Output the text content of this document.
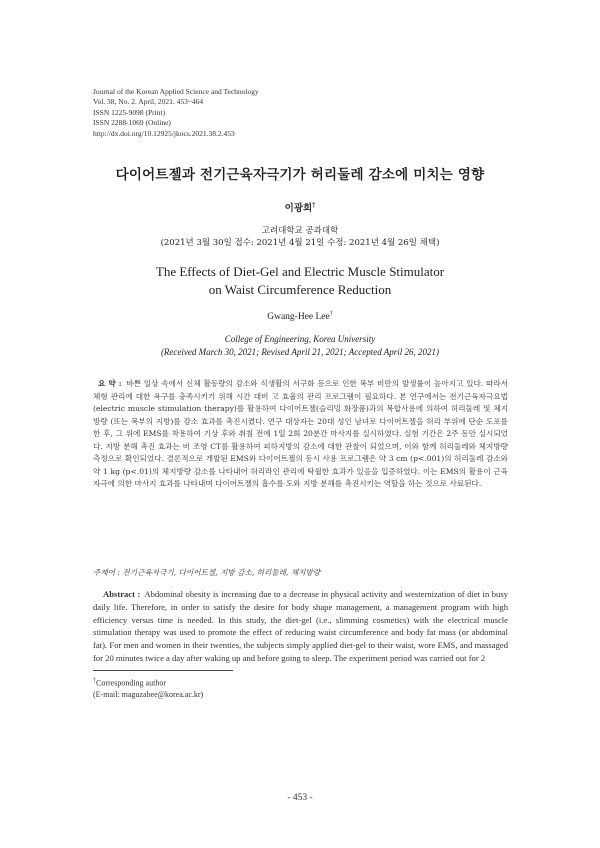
Journal of the Korean Applied Science and Technology
Vol. 38, No. 2. April, 2021. 453~464
ISSN 1225-9098 (Print)
ISSN 2288-1069 (Online)
http://dx.doi.org/10.12925/jkocs.2021.38.2.453
다이어트젤과 전기근육자극기가 허리둘레 감소에 미치는 영향
이광희†
고려대학교 공과대학
(2021년 3월 30일 접수: 2021년 4월 21일 수정: 2021년 4월 26일 채택)
The Effects of Diet-Gel and Electric Muscle Stimulator
on Waist Circumference Reduction
Gwang-Hee Lee†
College of Engineering, Korea University
(Received March 30, 2021; Revised April 21, 2021; Accepted April 26, 2021)
요 약 : 바쁜 일상 속에서 신체 활동량의 감소와 식생활의 서구화 등으로 인한 복부 비만의 발생률이 높아지고 있다. 따라서 체형 관리에 대한 욕구를 충족시키기 위해 시간 대비 고 효율의 관리 프로그램이 필요하다. 본 연구에서는 전기근육자극요법 (electric muscle stimulation therapy)를 활용하여 다이어트젤(슬리밍 화장품)과의 복합사용에 의하여 허리둘레 및 체지방량 (또는 복부의 지방)를 감소 효과를 촉진시켰다. 연구 대상자는 20대 성인 남녀로 다이어트젤을 허리 부위에 단순 도포를 한 후, 그 위에 EMS를 착용하여 기상 후와 취침 전에 1일 2회 20분간 마사지를 실시하였다. 실험 기간은 2주 동안 실시되었다. 지방 분해 촉진 효과는 비 조영 CT를 활용하여 피하지방의 감소에 대한 관찰이 되었으며, 이와 함께 허리둘레와 체지방량 측정으로 확인되었다. 결론적으로 개발된 EMS와 다이어트젤의 동시 사용 프로그램은 약 3 cm (p<.001)의 허리둘레 감소와 약 1 kg (p<.01)의 체지방량 감소를 나타내어 허리라인 관리에 탁월한 효과가 있음을 입증하였다. 이는 EMS의 활용이 근육 자극에 의한 마사지 효과를 나타내며 다이어트젤의 흡수를 도와 지방 분해를 촉진시키는 역할을 하는 것으로 사료된다.
주제어 : 전기근육자극기, 다이어트젤, 지방 감소, 허리둘레, 체지방량
Abstract : Abdominal obesity is increasing due to a decrease in physical activity and westernization of diet in busy daily life. Therefore, in order to satisfy the desire for body shape management, a management program with high efficiency versus time is needed. In this study, the diet-gel (i.e., slimming cosmetics) with the electrical muscle stimulation therapy was used to promote the effect of reducing waist circumference and body fat mass (or abdominal fat). For men and women in their twenties, the subjects simply applied diet-gel to their waist, wore EMS, and massaged for 20 minutes twice a day after waking up and before going to sleep. The experiment period was carried out for 2
†Corresponding author
(E-mail: maguzabee@korea.ac.kr)
- 453 -
